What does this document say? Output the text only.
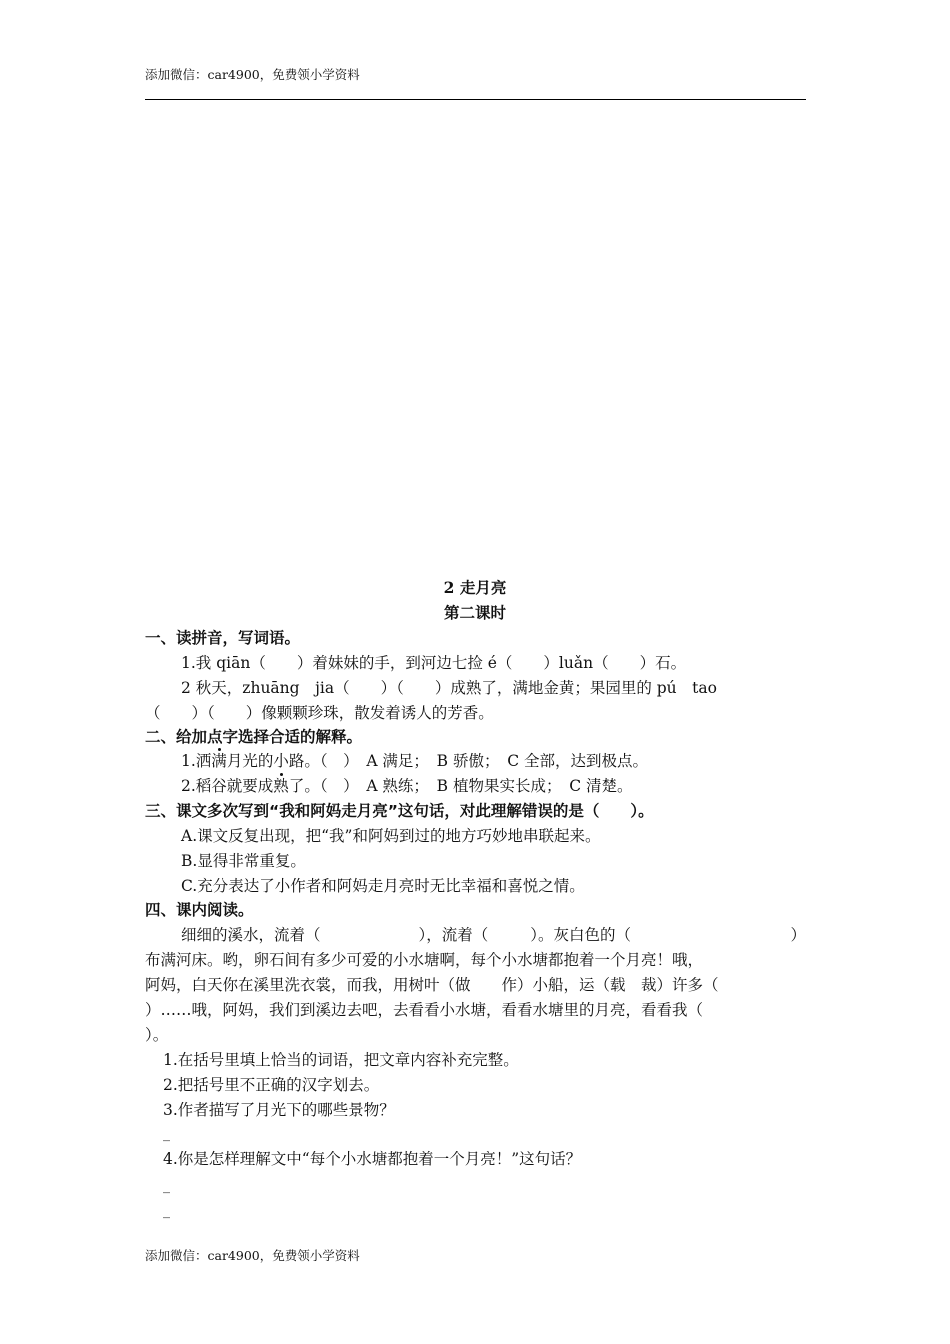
添加微信：car4900，免费领小学资料
2 走月亮
第二课时
一、读拼音，写词语。
1.我 qiān（　　）着妹妹的手，到河边七捡 é（　　）luǎn（　　）石。
2 秋天，zhuāng　jia（　　）（　　）成熟了，满地金黄；果园里的 pú　tao
（　　）（　　）像颗颗珍珠，散发着诱人的芳香。
二、给加点字选择合适的解释。
1.洒满月光的小路。（　）　A 满足；　B 骄傲；　C 全部，达到极点。
2.稻谷就要成熟了。（　）　A 熟练；　B 植物果实长成；　C 清楚。
三、课文多次写到“我和阿妈走月亮”这句话，对此理解错误的是（　　）。
A.课文反复出现，把“我”和阿妈到过的地方巧妙地串联起来。
B.显得非常重复。
C.充分表达了小作者和阿妈走月亮时无比幸福和喜悦之情。
四、课内阅读。
细细的溪水，流着（	），流着（	）。灰白色的（	）
布满河床。哟，卵石间有多少可爱的小水塘啊，每个小水塘都抱着一个月亮！哦，
阿妈，白天你在溪里洗衣裳，而我，用树叶（做　　作）小船，运（载　裁）许多（
）……哦，阿妈，我们到溪边去吧，去看看小水塘，看看水塘里的月亮，看看我（
）。
1.在括号里填上恰当的词语，把文章内容补充完整。
2.把括号里不正确的汉字划去。
3.作者描写了月光下的哪些景物？
_
4.你是怎样理解文中“每个小水塘都抱着一个月亮！”这句话？
_
_
添加微信：car4900，免费领小学资料
